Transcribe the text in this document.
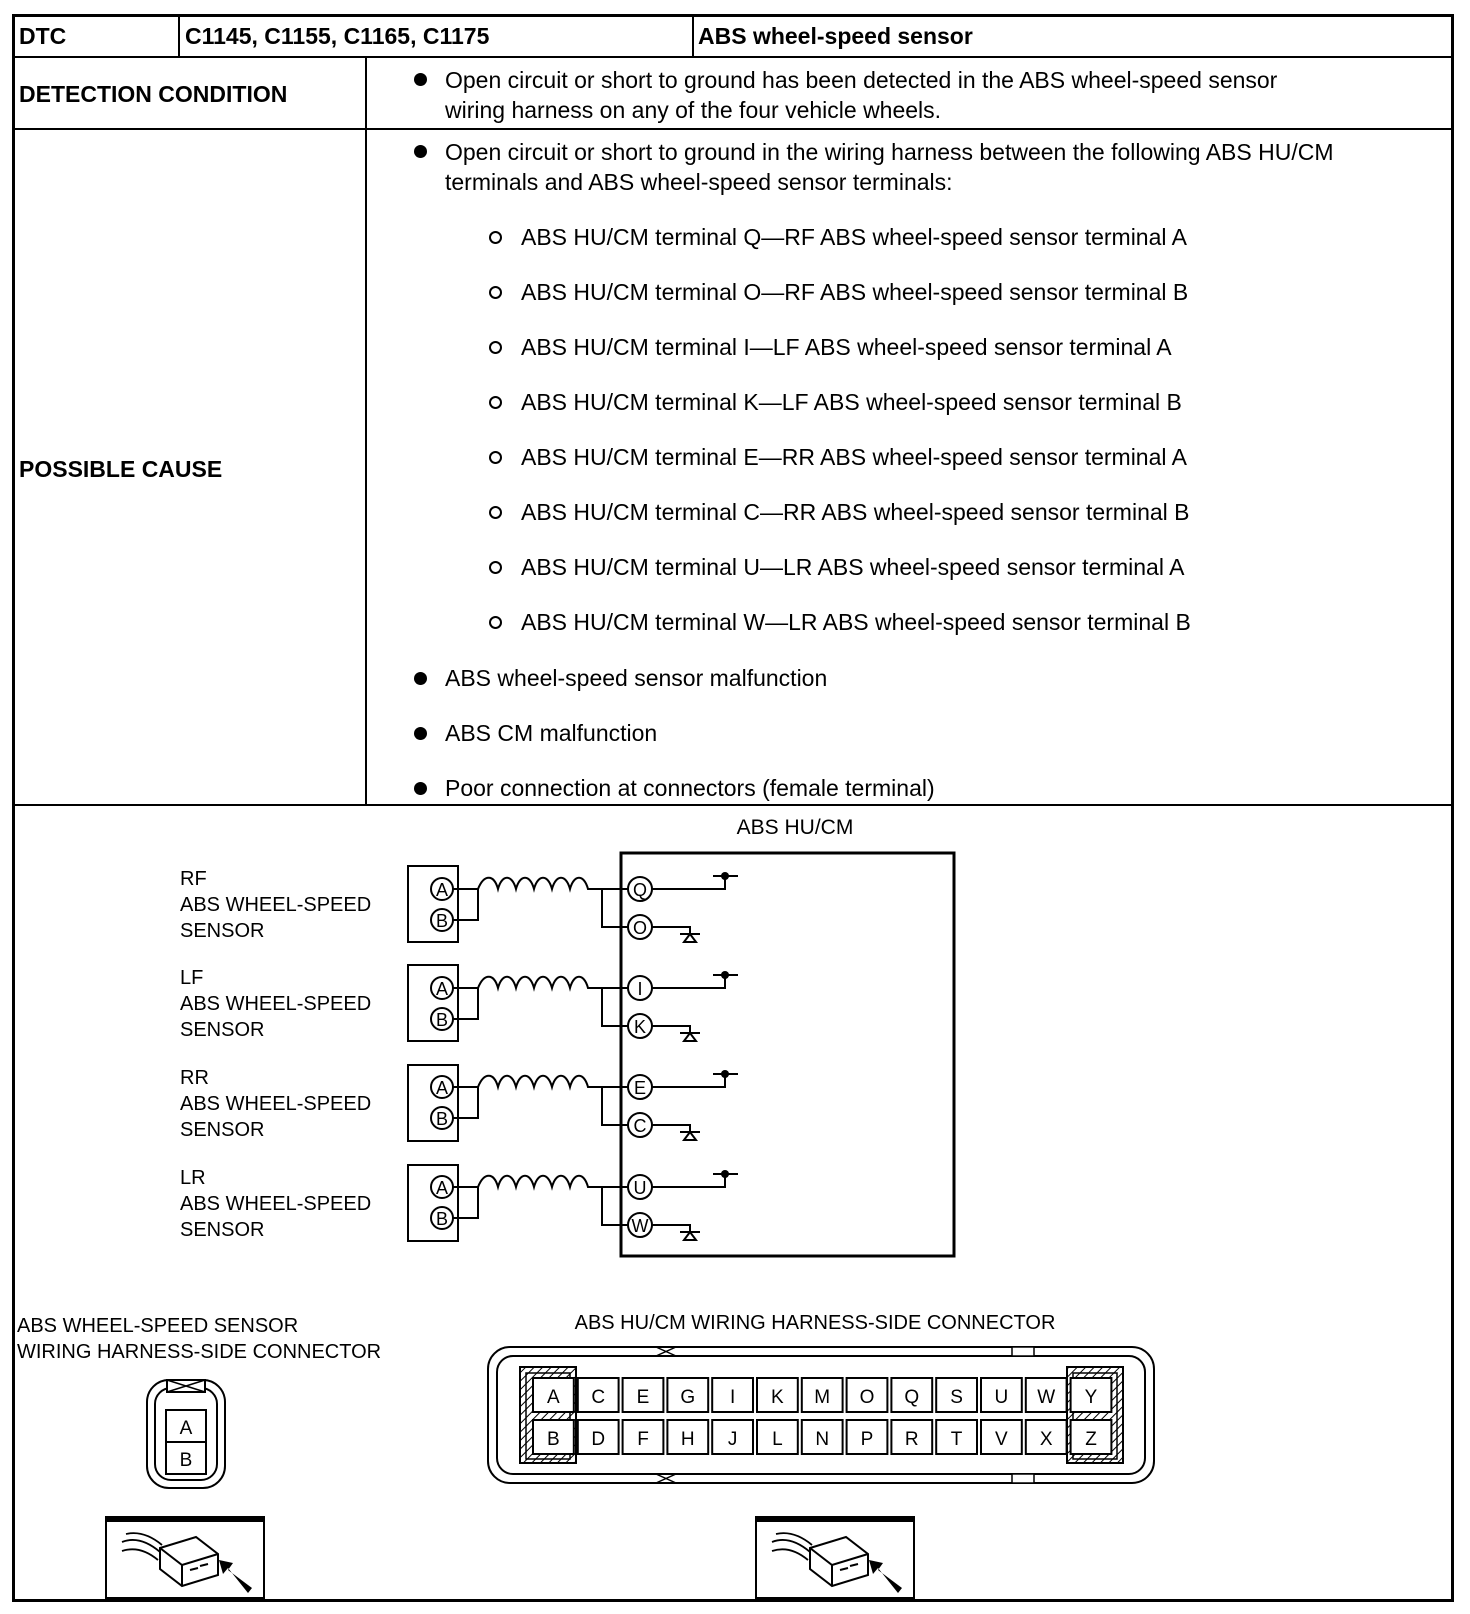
DTC	C1145, C1155, C1165, C1175	ABS wheel-speed sensor
DETECTION CONDITION
Open circuit or short to ground has been detected in the ABS wheel-speed sensor
wiring harness on any of the four vehicle wheels.
POSSIBLE CAUSE
Open circuit or short to ground in the wiring harness between the following ABS HU/CM
terminals and ABS wheel-speed sensor terminals:
ABS HU/CM terminal Q—RF ABS wheel-speed sensor terminal A
ABS HU/CM terminal O—RF ABS wheel-speed sensor terminal B
ABS HU/CM terminal I—LF ABS wheel-speed sensor terminal A
ABS HU/CM terminal K—LF ABS wheel-speed sensor terminal B
ABS HU/CM terminal E—RR ABS wheel-speed sensor terminal A
ABS HU/CM terminal C—RR ABS wheel-speed sensor terminal B
ABS HU/CM terminal U—LR ABS wheel-speed sensor terminal A
ABS HU/CM terminal W—LR ABS wheel-speed sensor terminal B
ABS wheel-speed sensor malfunction
ABS CM malfunction
Poor connection at connectors (female terminal)
ABS HU/CM
RF
ABS WHEEL-SPEED
SENSOR
A
B
Q
O
LF
ABS WHEEL-SPEED
SENSOR
A
B
I
K
RR
ABS WHEEL-SPEED
SENSOR
A
B
E
C
LR
ABS WHEEL-SPEED
SENSOR
A
B
U
W
ABS WHEEL-SPEED SENSOR
WIRING HARNESS-SIDE CONNECTOR
A
B
ABS HU/CM WIRING HARNESS-SIDE CONNECTOR
A C E G I K M O Q S U W Y
B D F H J L N P R T V X Z
